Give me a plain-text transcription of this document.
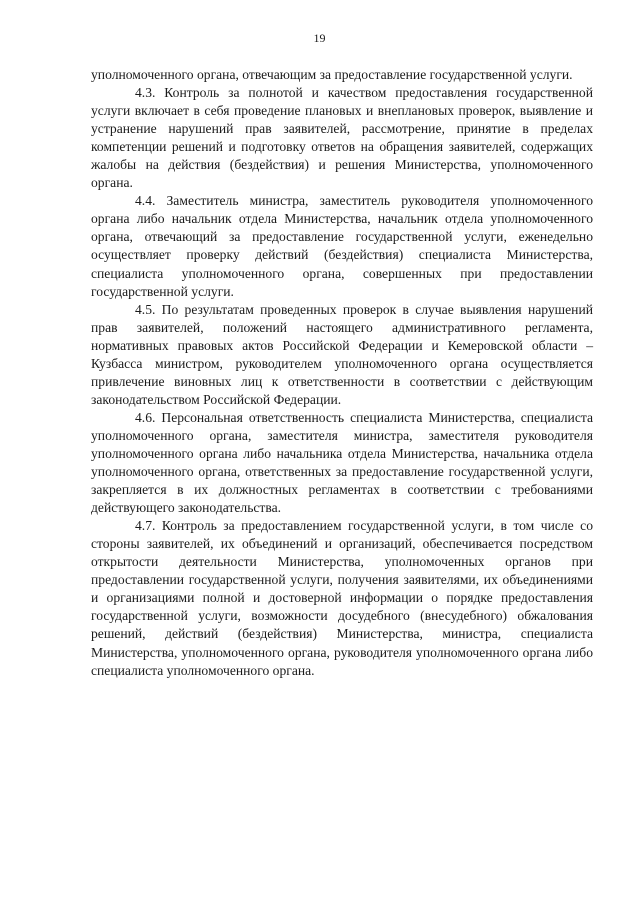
19

уполномоченного органа, отвечающим за предоставление государственной услуги.

4.3. Контроль за полнотой и качеством предоставления государственной услуги включает в себя проведение плановых и внеплановых проверок, выявление и устранение нарушений прав заявителей, рассмотрение, принятие в пределах компетенции решений и подготовку ответов на обращения заявителей, содержащих жалобы на действия (бездействия) и решения Министерства, уполномоченного органа.

4.4. Заместитель министра, заместитель руководителя уполномоченного органа либо начальник отдела Министерства, начальник отдела уполномоченного органа, отвечающий за предоставление государственной услуги, еженедельно осуществляет проверку действий (бездействия) специалиста Министерства, специалиста уполномоченного органа, совершенных при предоставлении государственной услуги.

4.5. По результатам проведенных проверок в случае выявления нарушений прав заявителей, положений настоящего административного регламента, нормативных правовых актов Российской Федерации и Кемеровской области – Кузбасса министром, руководителем уполномоченного органа осуществляется привлечение виновных лиц к ответственности в соответствии с действующим законодательством Российской Федерации.

4.6. Персональная ответственность специалиста Министерства, специалиста уполномоченного органа, заместителя министра, заместителя руководителя уполномоченного органа либо начальника отдела Министерства, начальника отдела уполномоченного органа, ответственных за предоставление государственной услуги, закрепляется в их должностных регламентах в соответствии с требованиями действующего законодательства.

4.7. Контроль за предоставлением государственной услуги, в том числе со стороны заявителей, их объединений и организаций, обеспечивается посредством открытости деятельности Министерства, уполномоченных органов при предоставлении государственной услуги, получения заявителями, их объединениями и организациями полной и достоверной информации о порядке предоставления государственной услуги, возможности досудебного (внесудебного) обжалования решений, действий (бездействия) Министерства, министра, специалиста Министерства, уполномоченного органа, руководителя уполномоченного органа либо специалиста уполномоченного органа.
